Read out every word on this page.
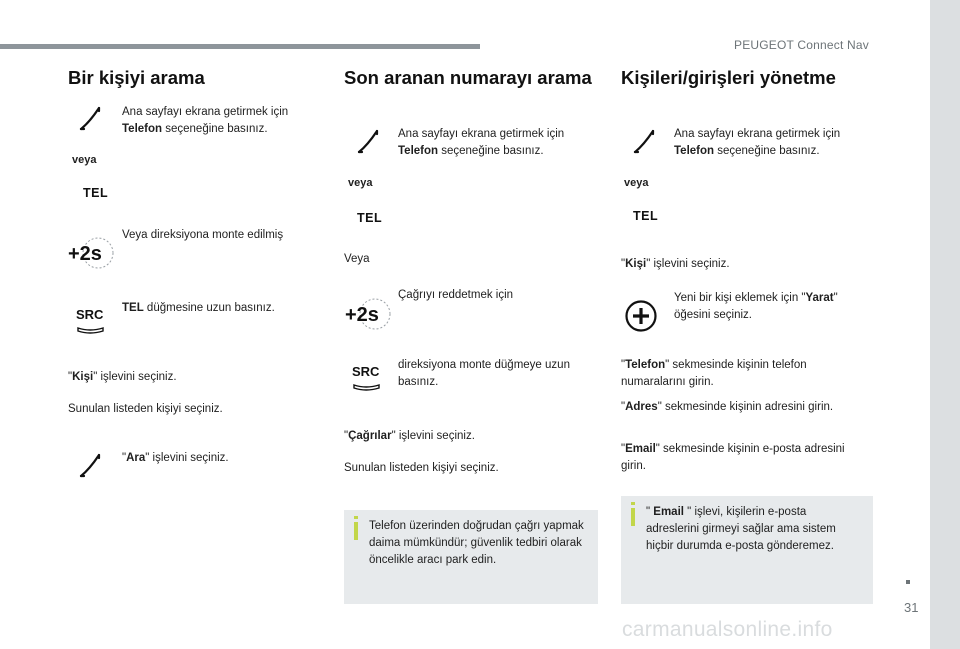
PEUGEOT Connect Nav
31
carmanualsonline.info
Bir kişiyi arama
Ana sayfayı ekrana getirmek için
Telefon seçeneğine basınız.
veya
TEL
+2s
Veya direksiyona monte edilmiş
SRC TEL düğmesine uzun basınız.
"Kişi" işlevini seçiniz.
Sunulan listeden kişiyi seçiniz.
"Ara" işlevini seçiniz.
Son aranan numarayı arama
Ana sayfayı ekrana getirmek için
Telefon seçeneğine basınız.
veya
TEL
Veya
+2s
Çağrıyı reddetmek için
SRC direksiyona monte düğmeye uzun
basınız.
"Çağrılar" işlevini seçiniz.
Sunulan listeden kişiyi seçiniz.
Telefon üzerinden doğrudan çağrı yapmak
daima mümkündür; güvenlik tedbiri olarak
öncelikle aracı park edin.
Kişileri/girişleri yönetme
Ana sayfayı ekrana getirmek için
Telefon seçeneğine basınız.
veya
TEL
"Kişi" işlevini seçiniz.
Yeni bir kişi eklemek için "Yarat"
öğesini seçiniz.
"Telefon" sekmesinde kişinin telefon
numaralarını girin.
"Adres" sekmesinde kişinin adresini girin.
"Email" sekmesinde kişinin e-posta adresini
girin.
" Email " işlevi, kişilerin e-posta
adreslerini girmeyi sağlar ama sistem
hiçbir durumda e-posta gönderemez.
